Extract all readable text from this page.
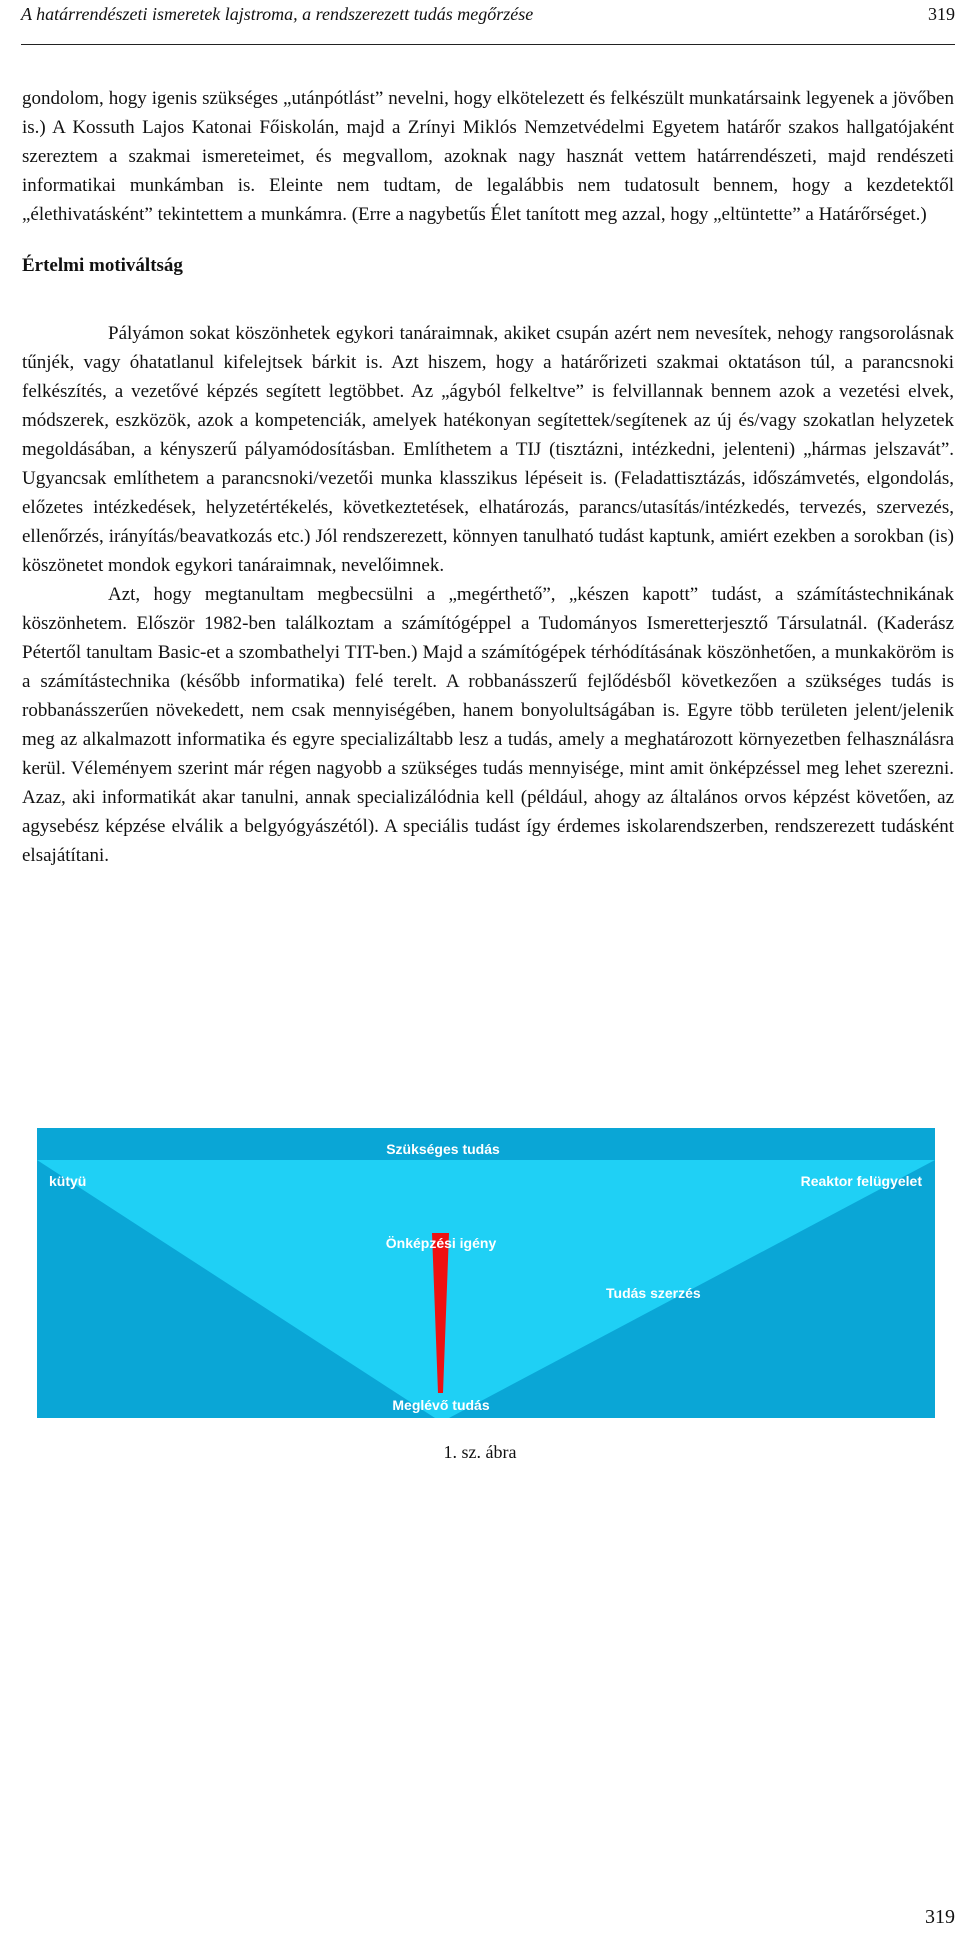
A határrendészeti ismeretek lajstroma, a rendszerezett tudás megőrzése	319

gondolom, hogy igenis szükséges „utánpótlást” nevelni, hogy elkötelezett és felkészült munkatársaink legyenek a jövőben is.) A Kossuth Lajos Katonai Főiskolán, majd a Zrínyi Miklós Nemzetvédelmi Egyetem határőr szakos hallgatójaként szereztem a szakmai ismereteimet, és megvallom, azoknak nagy hasznát vettem határrendészeti, majd rendészeti informatikai munkámban is. Eleinte nem tudtam, de legalábbis nem tudatosult bennem, hogy a kezdetektől „élethivatásként” tekintettem a munkámra. (Erre a nagybetűs Élet tanított meg azzal, hogy „eltüntette” a Határőrséget.)

Értelmi motiváltság

Pályámon sokat köszönhetek egykori tanáraimnak, akiket csupán azért nem nevesítek, nehogy rangsorolásnak tűnjék, vagy óhatatlanul kifelejtsek bárkit is. Azt hiszem, hogy a határőrizeti szakmai oktatáson túl, a parancsnoki felkészítés, a vezetővé képzés segített legtöbbet. Az „ágyból felkeltve” is felvillannak bennem azok a vezetési elvek, módszerek, eszközök, azok a kompetenciák, amelyek hatékonyan segítettek/segítenek az új és/vagy szokatlan helyzetek megoldásában, a kényszerű pályamódosításban. Említhetem a TIJ (tisztázni, intézkedni, jelenteni) „hármas jelszavát”. Ugyancsak említhetem a parancsnoki/vezetői munka klasszikus lépéseit is. (Feladattisztázás, időszámvetés, elgondolás, előzetes intézkedések, helyzetértékelés, következtetések, elhatározás, parancs/utasítás/intézkedés, tervezés, szervezés, ellenőrzés, irányítás/beavatkozás etc.) Jól rendszerezett, könnyen tanulható tudást kaptunk, amiért ezekben a sorokban (is) köszönetet mondok egykori tanáraimnak, nevelőimnek.

Azt, hogy megtanultam megbecsülni a „megérthető”, „készen kapott” tudást, a számítástechnikának köszönhetem. Először 1982-ben találkoztam a számítógéppel a Tudományos Ismeretterjesztő Társulatnál. (Kaderász Pétertől tanultam Basic-et a szombathelyi TIT-ben.) Majd a számítógépek térhódításának köszönhetően, a munkaköröm is a számítástechnika (később informatika) felé terelt. A robbanásszerű fejlődésből következően a szükséges tudás is robbanásszerűen növekedett, nem csak mennyiségében, hanem bonyolultságában is. Egyre több területen jelent/jelenik meg az alkalmazott informatika és egyre specializáltabb lesz a tudás, amely a meghatározott környezetben felhasználásra kerül. Véleményem szerint már régen nagyobb a szükséges tudás mennyisége, mint amit önképzéssel meg lehet szerezni. Azaz, aki informatikát akar tanulni, annak specializálódnia kell (például, ahogy az általános orvos képzést követően, az agysebész képzése elválik a belgyógyászétól). A speciális tudást így érdemes iskolarendszerben, rendszerezett tudásként elsajátítani.

Szükséges tudás
kütyü	Reaktor felügyelet
Önképzési igény
Tudás szerzés
Meglévő tudás
1. sz. ábra
319
